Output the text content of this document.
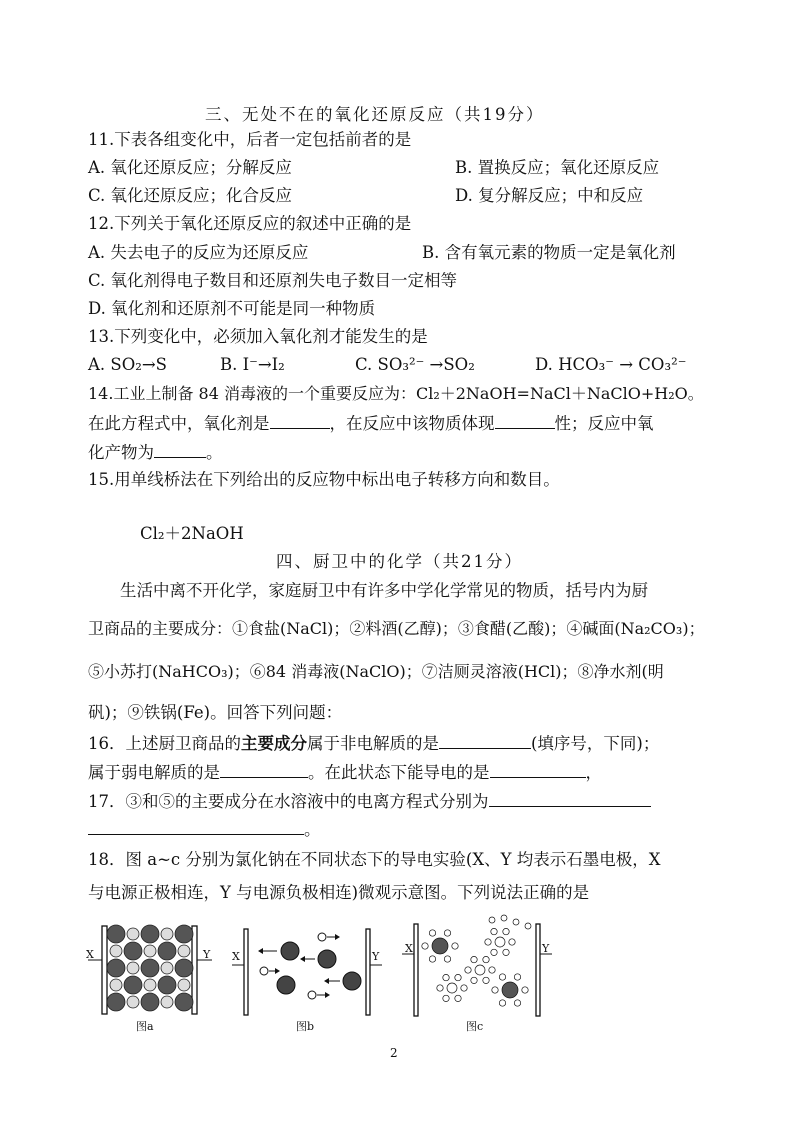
三、无处不在的氧化还原反应（共19分）
11.下表各组变化中，后者一定包括前者的是
A. 氧化还原反应；分解反应	B. 置换反应；氧化还原反应
C. 氧化还原反应；化合反应	D. 复分解反应；中和反应
12.下列关于氧化还原反应的叙述中正确的是
A. 失去电子的反应为还原反应	B. 含有氧元素的物质一定是氧化剂
C. 氧化剂得电子数目和还原剂失电子数目一定相等
D. 氧化剂和还原剂不可能是同一种物质
13.下列变化中，必须加入氧化剂才能发生的是
A. SO₂→S	B. I⁻→I₂	C. SO₃²⁻ →SO₂	D. HCO₃⁻ → CO₃²⁻
14.工业上制备 84 消毒液的一个重要反应为：Cl₂＋2NaOH=NaCl＋NaClO+H₂O。
在此方程式中，氧化剂是	，在反应中该物质体现	性；反应中氧
化产物为	。
15.用单线桥法在下列给出的反应物中标出电子转移方向和数目。
Cl₂＋2NaOH
四、厨卫中的化学（共21分）
生活中离不开化学，家庭厨卫中有许多中学化学常见的物质，括号内为厨
卫商品的主要成分：①食盐(NaCl)；②料酒(乙醇)；③食醋(乙酸)；④碱面(Na₂CO₃)；
⑤小苏打(NaHCO₃)；⑥84 消毒液(NaClO)；⑦洁厕灵溶液(HCl)；⑧净水剂(明
矾)；⑨铁锅(Fe)。回答下列问题：
16．上述厨卫商品的主要成分属于非电解质的是	(填序号，下同)；
属于弱电解质的是	。在此状态下能导电的是	，
17．③和⑤的主要成分在水溶液中的电离方程式分别为
。
18．图 a~c 分别为氯化钠在不同状态下的导电实验(X、Y 均表示石墨电极，X
与电源正极相连，Y 与电源负极相连)微观示意图。下列说法正确的是
X	Y X	Y
X	Y
图a	图b	图c
2
